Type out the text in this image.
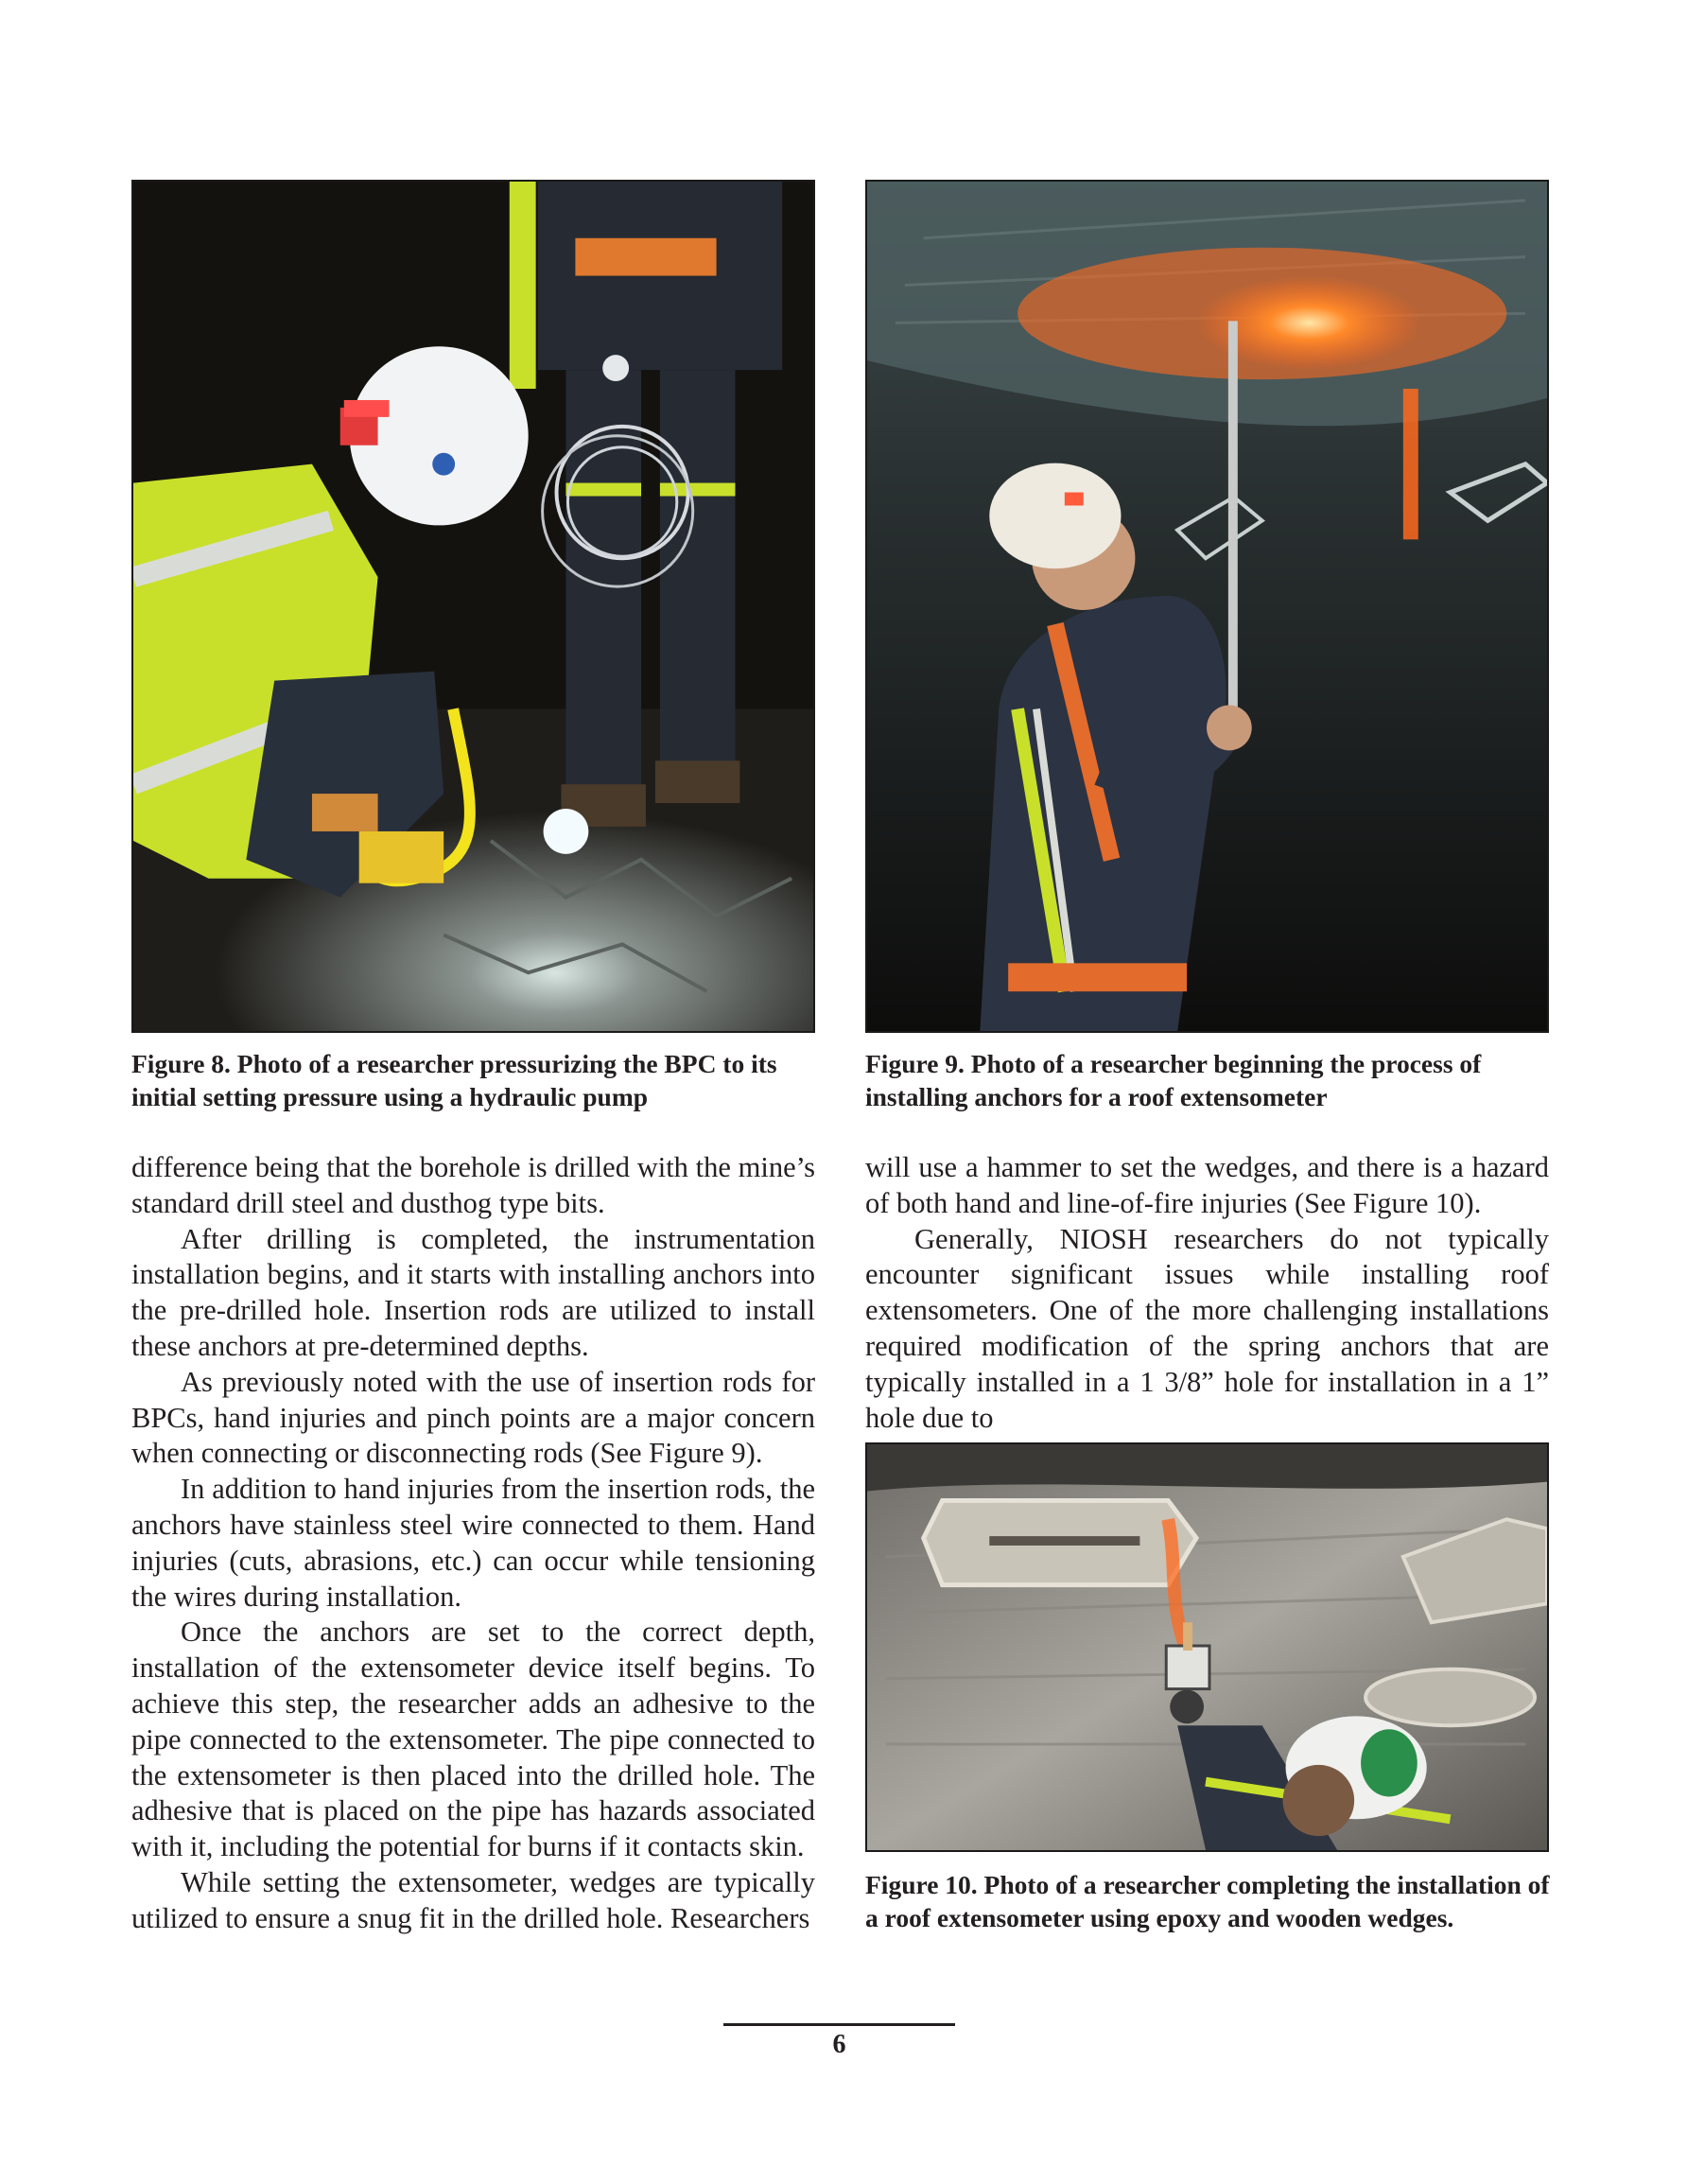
Figure 8. Photo of a researcher pressurizing the BPC to its initial setting pressure using a hydraulic pump

Figure 9. Photo of a researcher beginning the process of installing anchors for a roof extensometer

Figure 10. Photo of a researcher completing the installation of a roof extensometer using epoxy and wooden wedges.

difference being that the borehole is drilled with the mine’s standard drill steel and dusthog type bits.

After drilling is completed, the instrumentation installation begins, and it starts with installing anchors into the pre-drilled hole. Insertion rods are utilized to install these anchors at pre-determined depths.

As previously noted with the use of insertion rods for BPCs, hand injuries and pinch points are a major concern when connecting or disconnecting rods (See Figure 9).

In addition to hand injuries from the insertion rods, the anchors have stainless steel wire connected to them. Hand injuries (cuts, abrasions, etc.) can occur while tensioning the wires during installation.

Once the anchors are set to the correct depth, installation of the extensometer device itself begins. To achieve this step, the researcher adds an adhesive to the pipe connected to the extensometer. The pipe connected to the extensometer is then placed into the drilled hole. The adhesive that is placed on the pipe has hazards associated with it, including the potential for burns if it contacts skin.

While setting the extensometer, wedges are typically utilized to ensure a snug fit in the drilled hole. Researchers

will use a hammer to set the wedges, and there is a hazard of both hand and line-of-fire injuries (See Figure 10).

Generally, NIOSH researchers do not typically encounter significant issues while installing roof extensometers. One of the more challenging installations required modification of the spring anchors that are typically installed in a 1 3/8” hole for installation in a 1” hole due to

6
